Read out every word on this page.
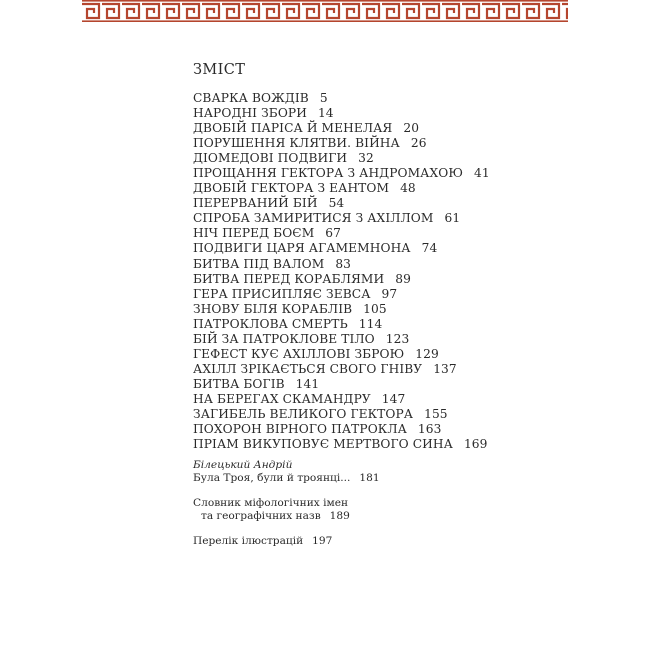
ЗМІСТ
СВАРКА ВОЖДІВ 5
НАРОДНІ ЗБОРИ 14
ДВОБІЙ ПАРІСА Й МЕНЕЛАЯ 20
ПОРУШЕННЯ КЛЯТВИ. ВІЙНА 26
ДІОМЕДОВІ ПОДВИГИ 32
ПРОЩАННЯ ГЕКТОРА З АНДРОМАХОЮ 41
ДВОБІЙ ГЕКТОРА З ЕАНТОМ 48
ПЕРЕРВАНИЙ БІЙ 54
СПРОБА ЗАМИРИТИСЯ З АХІЛЛОМ 61
НІЧ ПЕРЕД БОЄМ 67
ПОДВИГИ ЦАРЯ АГАМЕМНОНА 74
БИТВА ПІД ВАЛОМ 83
БИТВА ПЕРЕД КОРАБЛЯМИ 89
ГЕРА ПРИСИПЛЯЄ ЗЕВСА 97
ЗНОВУ БІЛЯ КОРАБЛІВ 105
ПАТРОКЛОВА СМЕРТЬ 114
БІЙ ЗА ПАТРОКЛОВЕ ТІЛО 123
ГЕФЕСТ КУЄ АХІЛЛОВІ ЗБРОЮ 129
АХІЛЛ ЗРІКАЄТЬСЯ СВОГО ГНІВУ 137
БИТВА БОГІВ 141
НА БЕРЕГАХ СКАМАНДРУ 147
ЗАГИБЕЛЬ ВЕЛИКОГО ГЕКТОРА 155
ПОХОРОН ВІРНОГО ПАТРОКЛА 163
ПРІАМ ВИКУПОВУЄ МЕРТВОГО СИНА 169
Білецький Андрій
Була Троя, були й троянці... 181
Словник міфологічних імен
та географічних назв 189
Перелік ілюстрацій 197
